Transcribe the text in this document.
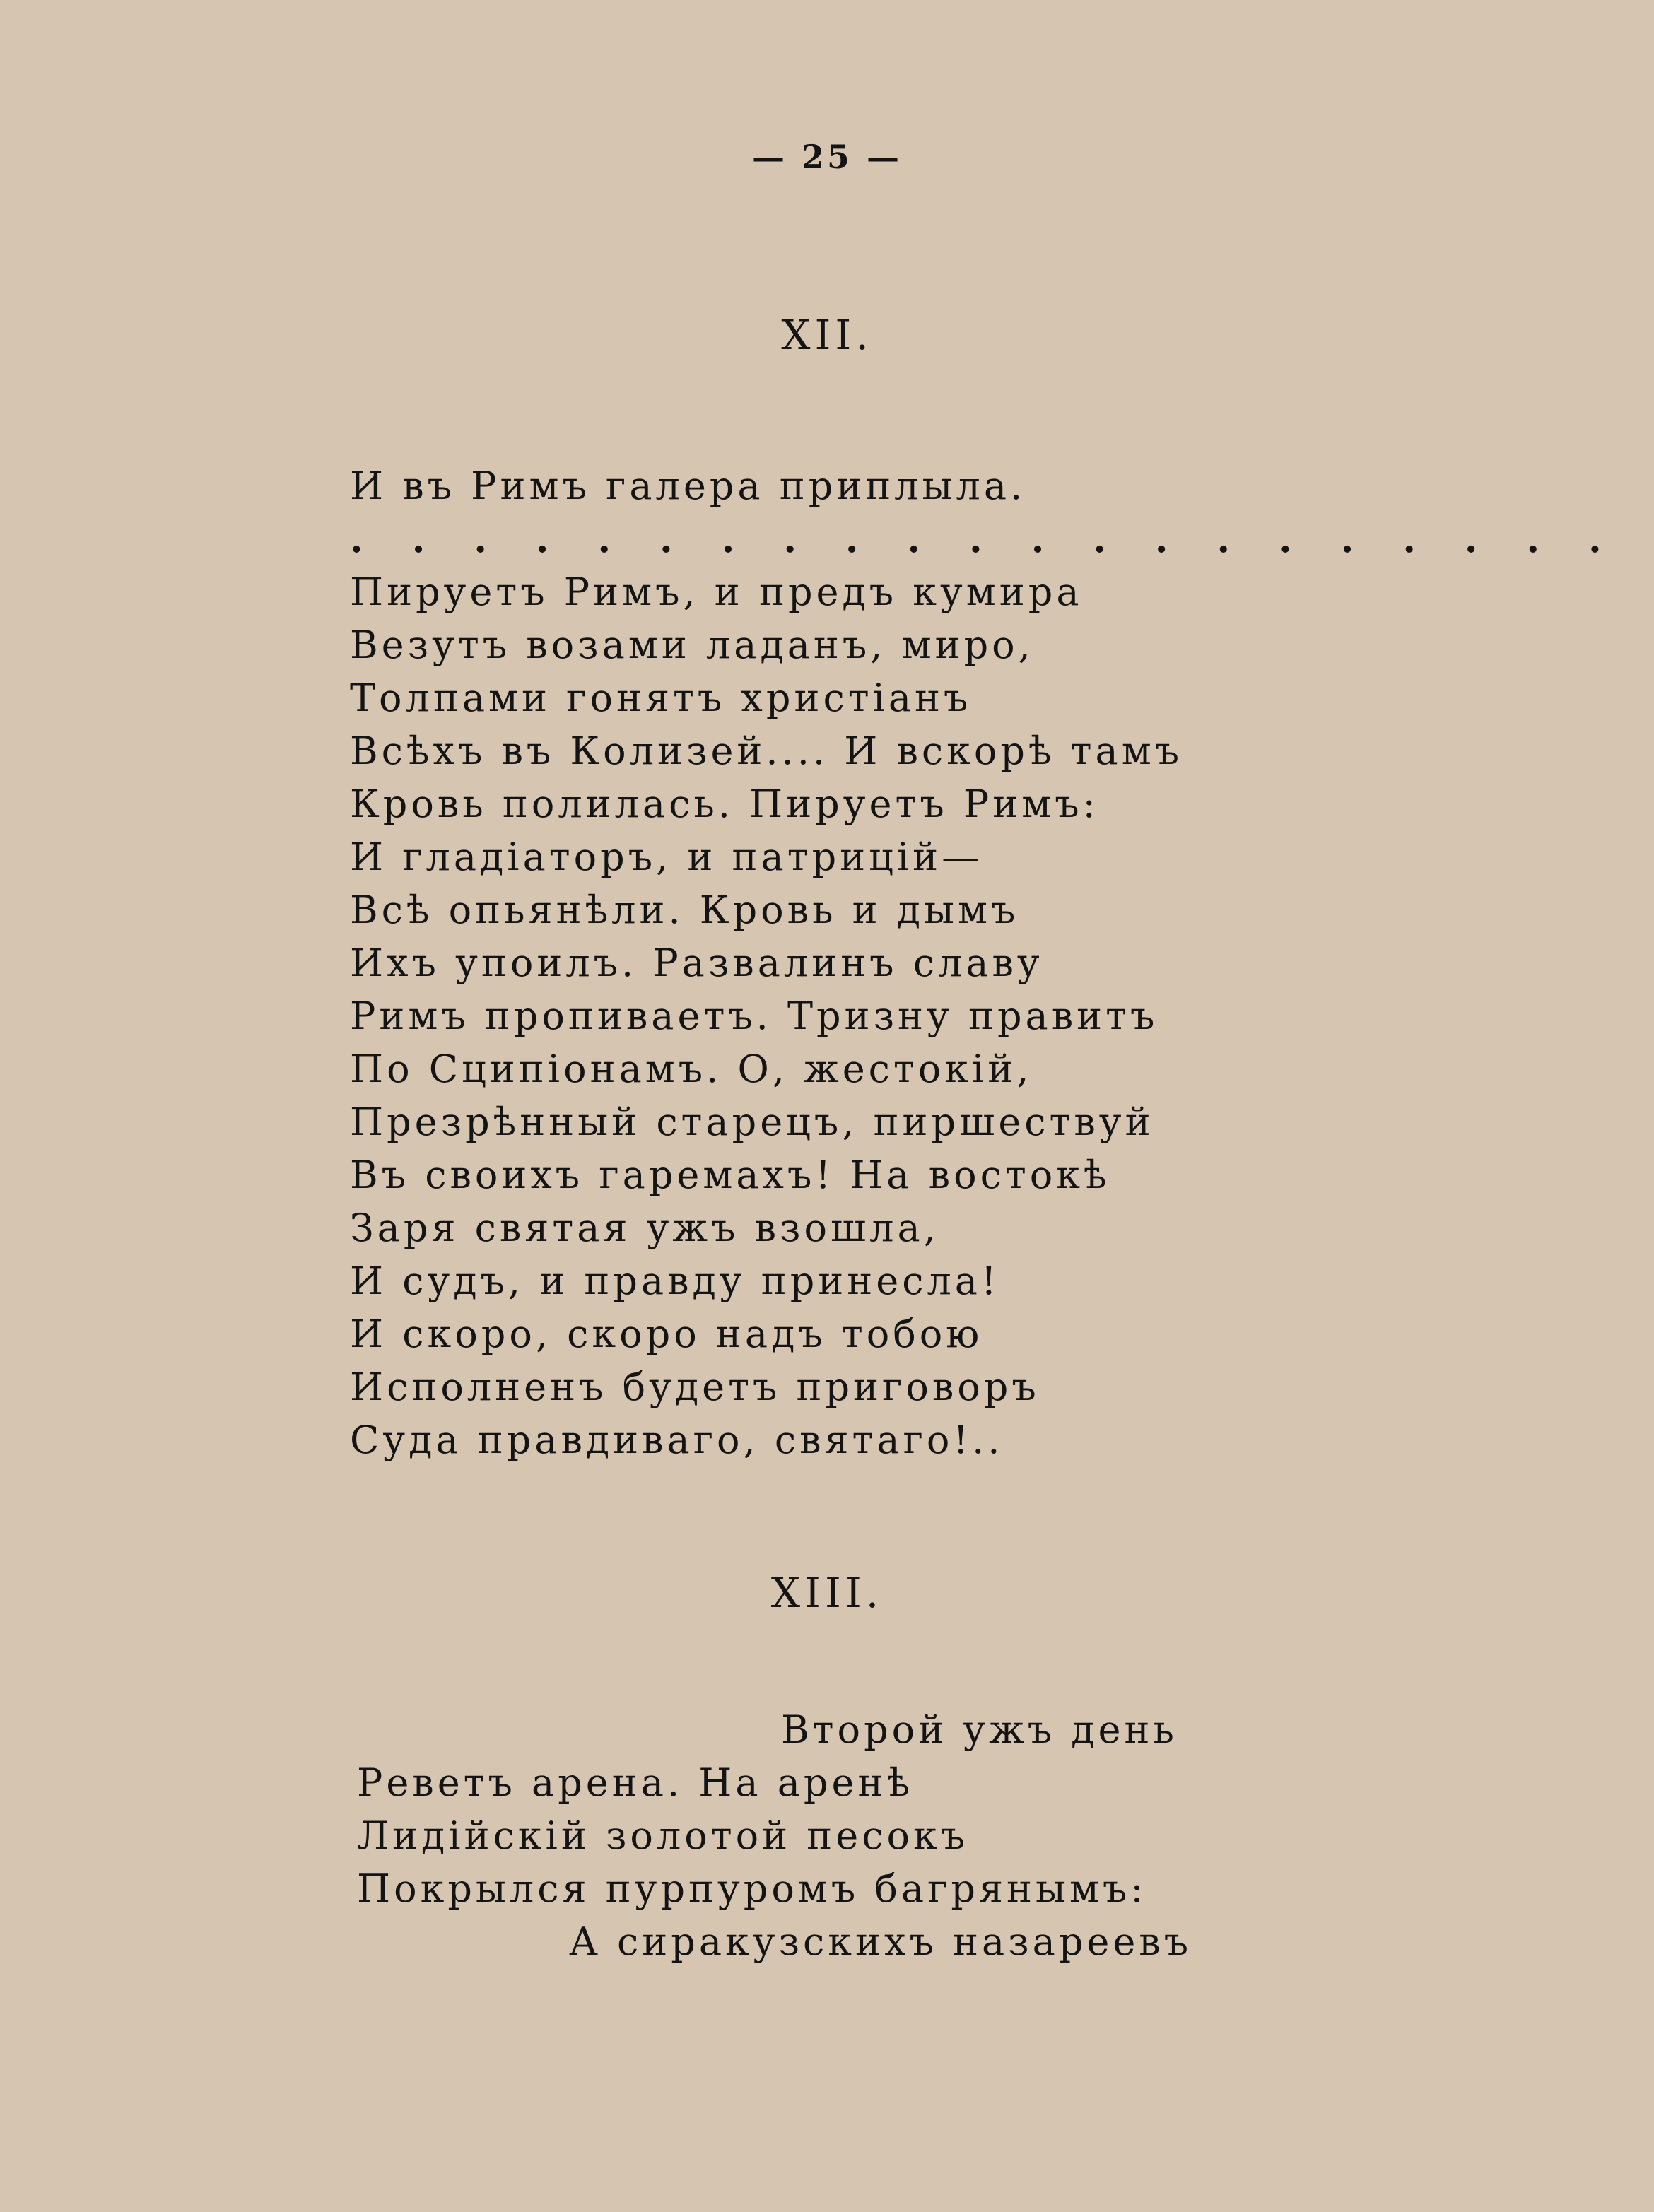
— 25 —
XII.
И въ Римъ галера приплыла.
. . . . . . . . . . . . . . . . . . . . .
Пируетъ Римъ, и предъ кумира
Везутъ возами ладанъ, миро,
Толпами гонятъ христіанъ
Всѣхъ въ Колизей.... И вскорѣ тамъ
Кровь полилась. Пируетъ Римъ:
И гладіаторъ, и патрицій—
Всѣ опьянѣли. Кровь и дымъ
Ихъ упоилъ. Развалинъ славу
Римъ пропиваетъ. Тризну правитъ
По Сципіонамъ. О, жестокій,
Презрѣнный старецъ, пиршествуй
Въ своихъ гаремахъ! На востокѣ
Заря святая ужъ взошла,
И судъ, и правду принесла!
И скоро, скоро надъ тобою
Исполненъ будетъ приговоръ
Суда правдиваго, святаго!..
XIII.
Второй ужъ день
Реветъ арена. На аренѣ
Лидійскій золотой песокъ
Покрылся пурпуромъ багрянымъ:
А сиракузскихъ назареевъ
